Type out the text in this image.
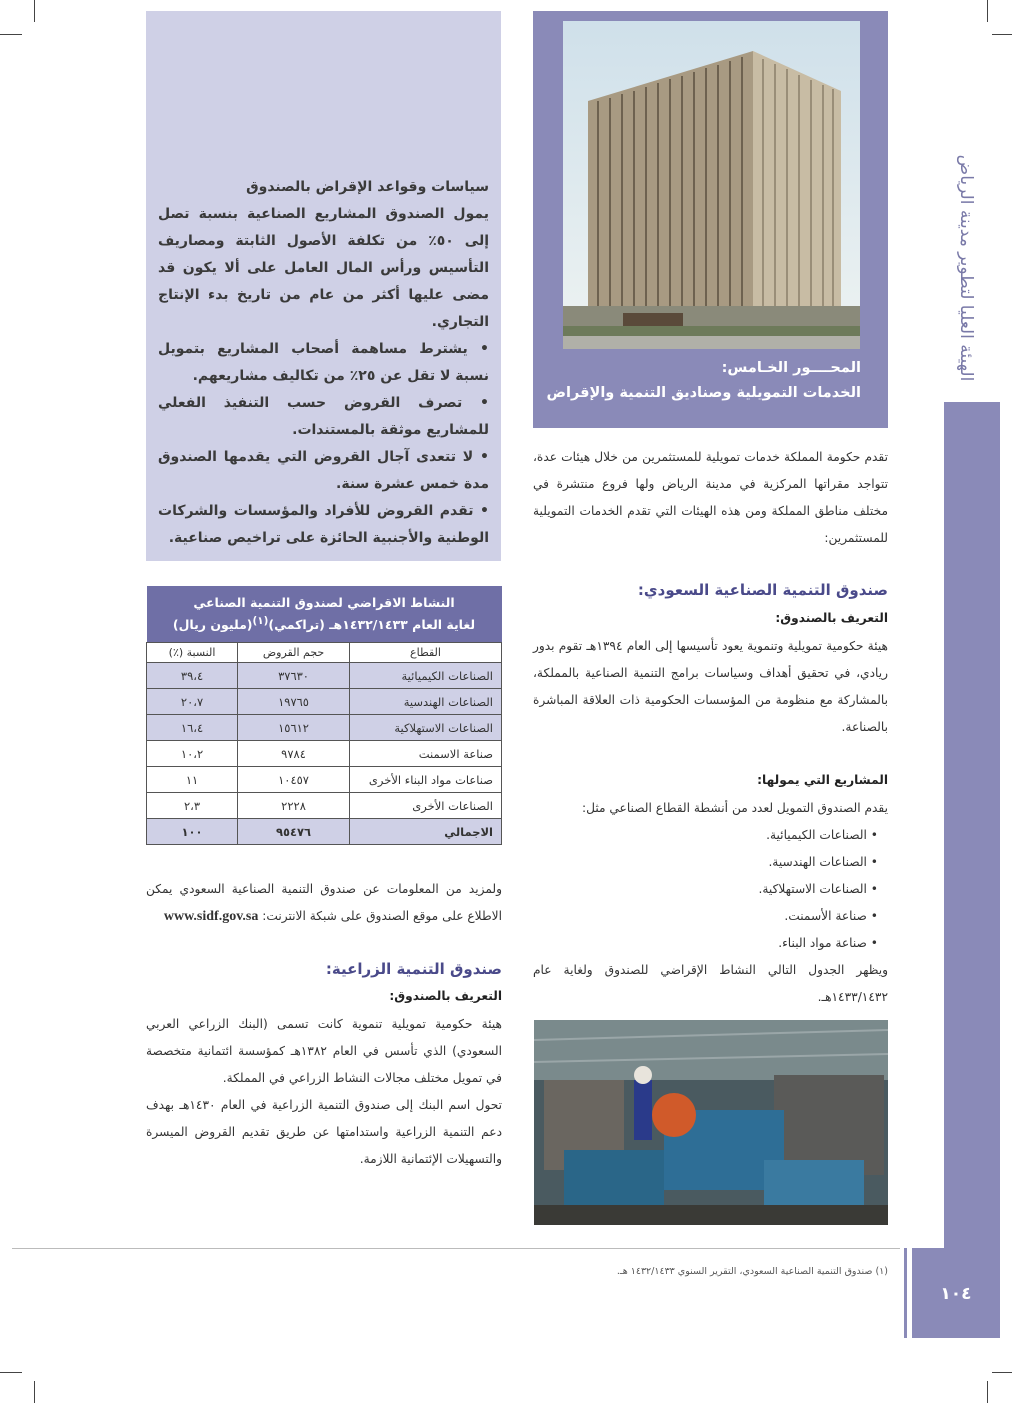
الهيئة العليا لتطوير مدينة الرياض
المحــــور الخـامس:
الخدمات التمويلية وصناديق التنمية والإقراض
سياسات وقواعد الإقراض بالصندوق
يمول الصندوق المشاريع الصناعية بنسبة تصل إلى ٥٠٪ من تكلفة الأصول الثابتة ومصاريف التأسيس ورأس المال العامل على ألا يكون قد مضى عليها أكثر من عام من تاريخ بدء الإنتاج التجاري.
• يشترط مساهمة أصحاب المشاريع بتمويل نسبة لا تقل عن ٢٥٪ من تكاليف مشاريعهم.
• تصرف القروض حسب التنفيذ الفعلي للمشاريع موثقة بالمستندات.
• لا تتعدى آجال القروض التي يقدمها الصندوق مدة خمس عشرة سنة.
• تقدم القروض للأفراد والمؤسسات والشركات الوطنية والأجنبية الحائزة على تراخيص صناعية.
تقدم حكومة المملكة خدمات تمويلية للمستثمرين من خلال هيئات عدة، تتواجد مقراتها المركزية في مدينة الرياض ولها فروع منتشرة في مختلف مناطق المملكة ومن هذه الهيئات التي تقدم الخدمات التمويلية للمستثمرين:
صندوق التنمية الصناعية السعودي:
التعريف بالصندوق:
هيئة حكومية تمويلية وتنموية يعود تأسيسها إلى العام ١٣٩٤هـ تقوم بدور ريادي، في تحقيق أهداف وسياسات برامج التنمية الصناعية بالمملكة، بالمشاركة مع منظومة من المؤسسات الحكومية ذات العلاقة المباشرة بالصناعة.
المشاريع التي يمولها:
يقدم الصندوق التمويل لعدد من أنشطة القطاع الصناعي مثل:
• الصناعات الكيميائية.
• الصناعات الهندسية.
• الصناعات الاستهلاكية.
• صناعة الأسمنت.
• صناعة مواد البناء.
ويظهر الجدول التالي النشاط الإقراضي للصندوق ولغاية عام ١٤٣٣/١٤٣٢هـ.
النشاط الاقراضي لصندوق التنمية الصناعي
لغاية العام ١٤٣٢/١٤٣٣هـ (تراكمي)$^{(١)}$(مليون ريال)		

القطاع	حجم القروض	النسبة (٪)
الصناعات الكيميائية	٣٧٦٣٠	٣٩،٤
الصناعات الهندسية	١٩٧٦٥	٢٠،٧
الصناعات الاستهلاكية	١٥٦١٢	١٦،٤
صناعة الاسمنت	٩٧٨٤	١٠،٢
صناعات مواد البناء الأخرى	١٠٤٥٧	١١
الصناعات الأخرى	٢٢٢٨	٢،٣
الاجمالي	٩٥٤٧٦	١٠٠
ولمزيد من المعلومات عن صندوق التنمية الصناعية السعودي يمكن الاطلاع على موقع الصندوق على شبكة الانترنت: www.sidf.gov.sa
صندوق التنمية الزراعية:
التعريف بالصندوق:
هيئة حكومية تمويلية تنموية كانت تسمى (البنك الزراعي العربي السعودي) الذي تأسس في العام ١٣٨٢هـ كمؤسسة ائتمانية متخصصة في تمويل مختلف مجالات النشاط الزراعي في المملكة.
تحول اسم البنك إلى صندوق التنمية الزراعية في العام ١٤٣٠هـ بهدف دعم التنمية الزراعية واستدامتها عن طريق تقديم القروض الميسرة والتسهيلات الإئتمانية اللازمة.
(١) صندوق التنمية الصناعية السعودي، التقرير السنوي ١٤٣٢/١٤٣٣ هـ.
١٠٤
